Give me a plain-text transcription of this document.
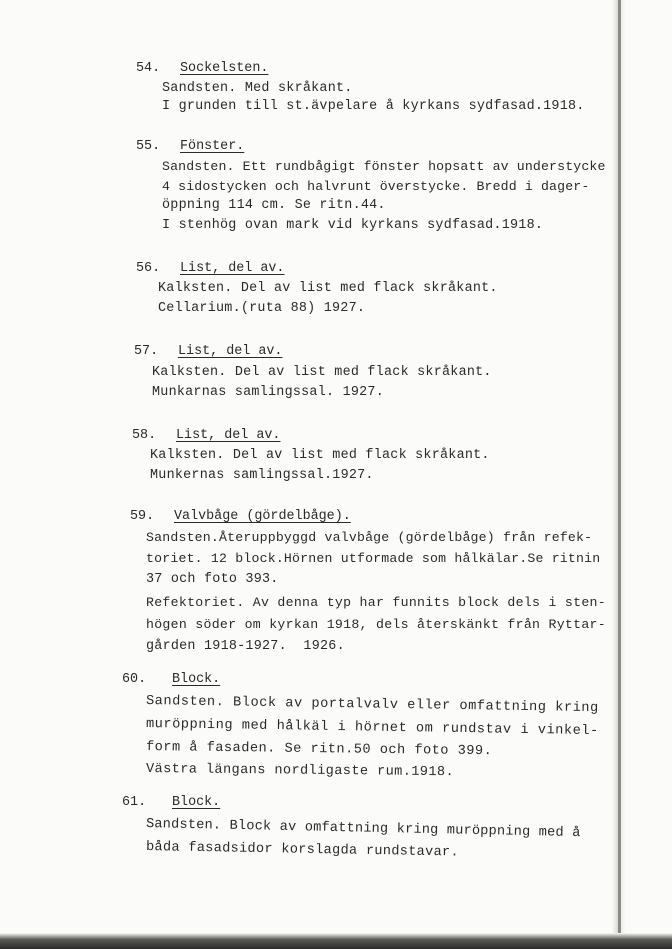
54. Sockelsten.
Sandsten. Med skråkant.
I grunden till st.ävpelare å kyrkans sydfasad.1918.
55. Fönster.
Sandsten. Ett rundbågigt fönster hopsatt av understycke
4 sidostycken och halvrunt överstycke. Bredd i dager-
öppning 114 cm. Se ritn.44.
I stenhög ovan mark vid kyrkans sydfasad.1918.
56. List, del av.
Kalksten. Del av list med flack skråkant.
Cellarium.(ruta 88) 1927.
57. List, del av.
Kalksten. Del av list med flack skråkant.
Munkarnas samlingssal. 1927.
58. List, del av.
Kalksten. Del av list med flack skråkant.
Munkernas samlingssal.1927.
59. Valvbåge (gördelbåge).
Sandsten.Återuppbyggd valvbåge (gördelbåge) från refek-
toriet. 12 block.Hörnen utformade som hålkälar.Se ritnin
37 och foto 393.
Refektoriet. Av denna typ har funnits block dels i sten-
högen söder om kyrkan 1918, dels återskänkt från Ryttar-
gården 1918-1927.  1926.
60. Block.
Sandsten. Block av portalvalv eller omfattning kring
muröppning med hålkäl i hörnet om rundstav i vinkel-
form å fasaden. Se ritn.50 och foto 399.
Västra längans nordligaste rum.1918.
61. Block.
Sandsten. Block av omfattning kring muröppning med å
båda fasadsidor korslagda rundstavar.
